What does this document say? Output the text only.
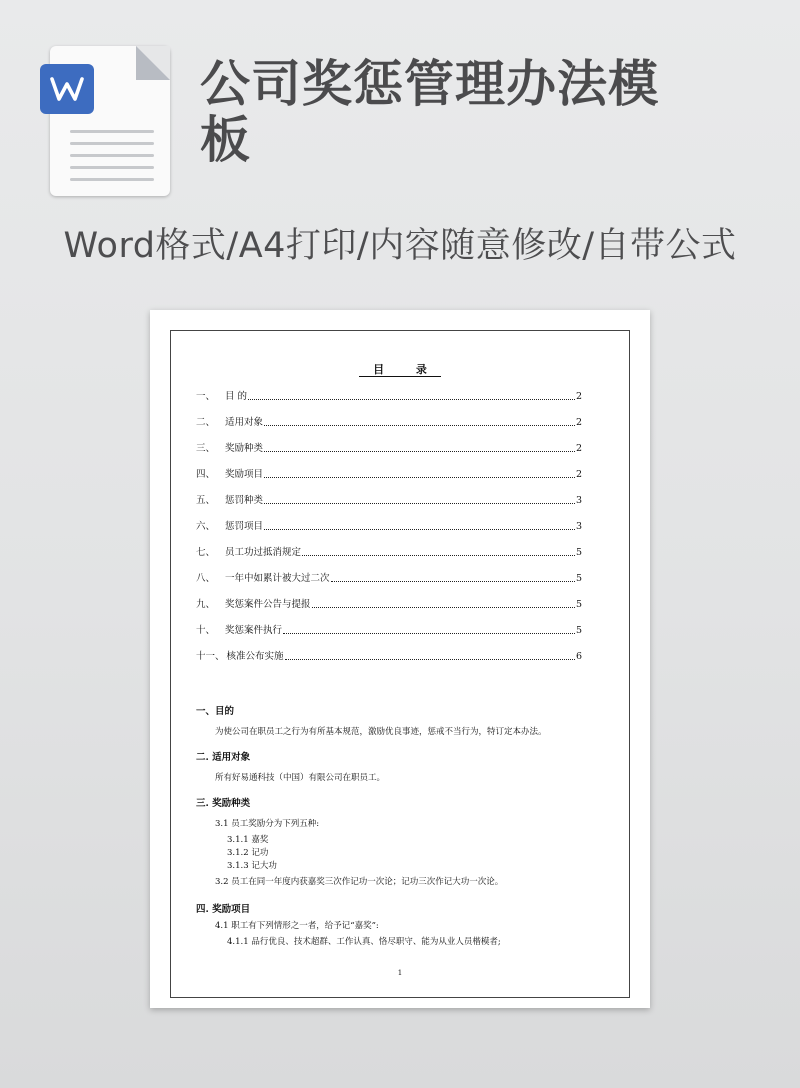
公司奖惩管理办法模板
Word格式/A4打印/内容随意修改/自带公式
目 录
一、 目 的	2
二、 适用对象	2
三、 奖励种类	2
四、 奖励项目	2
五、 惩罚种类	3
六、 惩罚项目	3
七、 员工功过抵消规定	5
八、 一年中如累计被大过二次	5
九、 奖惩案件公告与提报	5
十、 奖惩案件执行	5
十一、 核准公布实施	6
一、目的
为使公司在职员工之行为有所基本规范，激励优良事迹，惩戒不当行为，特订定本办法。
二. 适用对象
所有好易通科技（中国）有限公司在职员工。
三. 奖励种类
3.1 员工奖励分为下列五种:
3.1.1 嘉奖
3.1.2 记功
3.1.3 记大功
3.2 员工在同一年度内获嘉奖三次作记功一次论；记功三次作记大功一次论。
四. 奖励项目
4.1 职工有下列情形之一者，给予记“嘉奖”:
4.1.1 品行优良、技术超群、工作认真、恪尽职守、能为从业人员楷模者;
1
